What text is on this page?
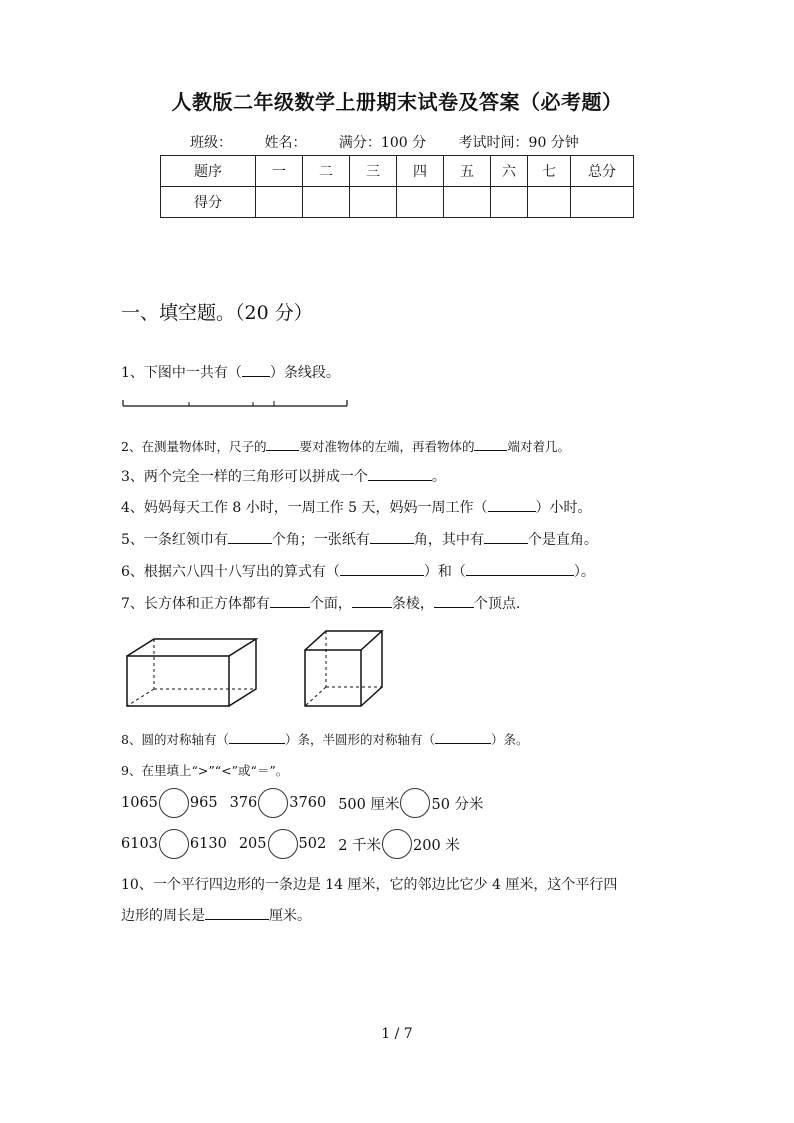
人教版二年级数学上册期末试卷及答案（必考题）
班级： 姓名： 满分：100 分 考试时间：90 分钟
题序	一	二	三	四	五	六	七	总分
得分								
一、填空题。（20 分）
1、下图中一共有（ ）条线段。
2、在测量物体时，尺子的	要对准物体的左端，再看物体的	端对着几。
3、两个完全一样的三角形可以拼成一个	。
4、妈妈每天工作 8 小时，一周工作 5 天，妈妈一周工作（	）小时。
5、一条红领巾有	个角；一张纸有	角，其中有	个是直角。
6、根据六八四十八写出的算式有（	）和（	）。
7、长方体和正方体都有	个面，	条棱，	个顶点.
8、圆的对称轴有（	）条，半圆形的对称轴有（	）条。
9、在里填上“>”“<”或“＝”。
1065 965 376 3760 500 厘米 50 分米
6103 6130 205 502 2 千米 200 米
10、一个平行四边形的一条边是 14 厘米，它的邻边比它少 4 厘米，这个平行四
边形的周长是	厘米。
1 / 7
